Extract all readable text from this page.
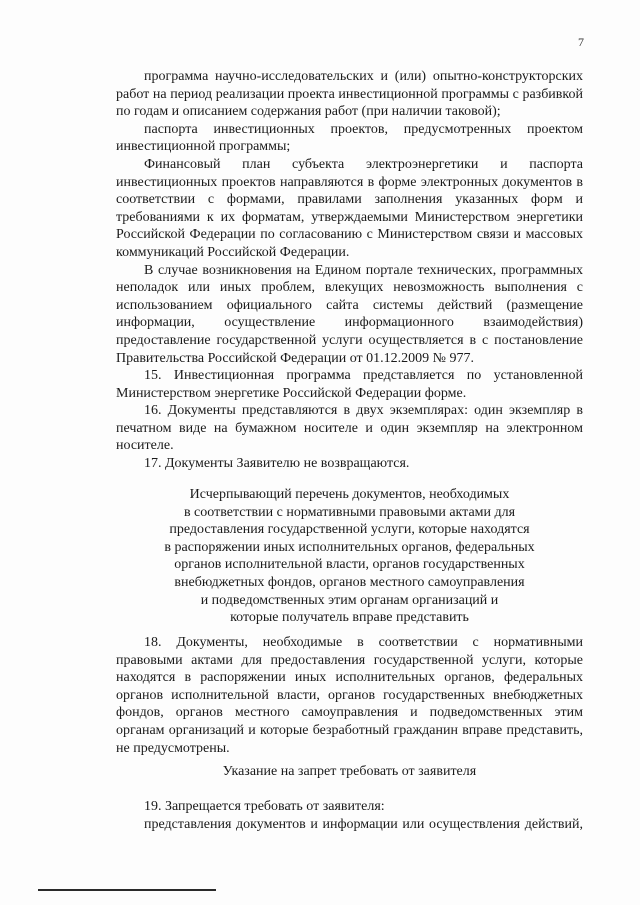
7

программа научно-исследовательских и (или) опытно-конструкторских работ на период реализации проекта инвестиционной программы с разбивкой по годам и описанием содержания работ (при наличии таковой);

паспорта инвестиционных проектов, предусмотренных проектом инвестиционной программы;

Финансовый план субъекта электроэнергетики и паспорта инвестиционных проектов направляются в форме электронных документов в соответствии с формами, правилами заполнения указанных форм и требованиями к их форматам, утверждаемыми Министерством энергетики Российской Федерации по согласованию с Министерством связи и массовых коммуникаций Российской Федерации.

В случае возникновения на Едином портале технических, программных неполадок или иных проблем, влекущих невозможность выполнения с использованием официального сайта системы действий (размещение информации, осуществление информационного взаимодействия) предоставление государственной услуги осуществляется в с постановление Правительства Российской Федерации от 01.12.2009 № 977.

15. Инвестиционная программа представляется по установленной Министерством энергетике Российской Федерации форме.

16. Документы представляются в двух экземплярах: один экземпляр в печатном виде на бумажном носителе и один экземпляр на электронном носителе.

17. Документы Заявителю не возвращаются.

Исчерпывающий перечень документов, необходимых
в соответствии с нормативными правовыми актами для
предоставления государственной услуги, которые находятся
в распоряжении иных исполнительных органов, федеральных
органов исполнительной власти, органов государственных
внебюджетных фондов, органов местного самоуправления
и подведомственных этим органам организаций и
которые получатель вправе представить

18. Документы, необходимые в соответствии с нормативными правовыми актами для предоставления государственной услуги, которые находятся в распоряжении иных исполнительных органов, федеральных органов исполнительной власти, органов государственных внебюджетных фондов, органов местного самоуправления и подведомственных этим органам организаций и которые безработный гражданин вправе представить, не предусмотрены.

Указание на запрет требовать от заявителя

19. Запрещается требовать от заявителя:

представления документов и информации или осуществления действий,
